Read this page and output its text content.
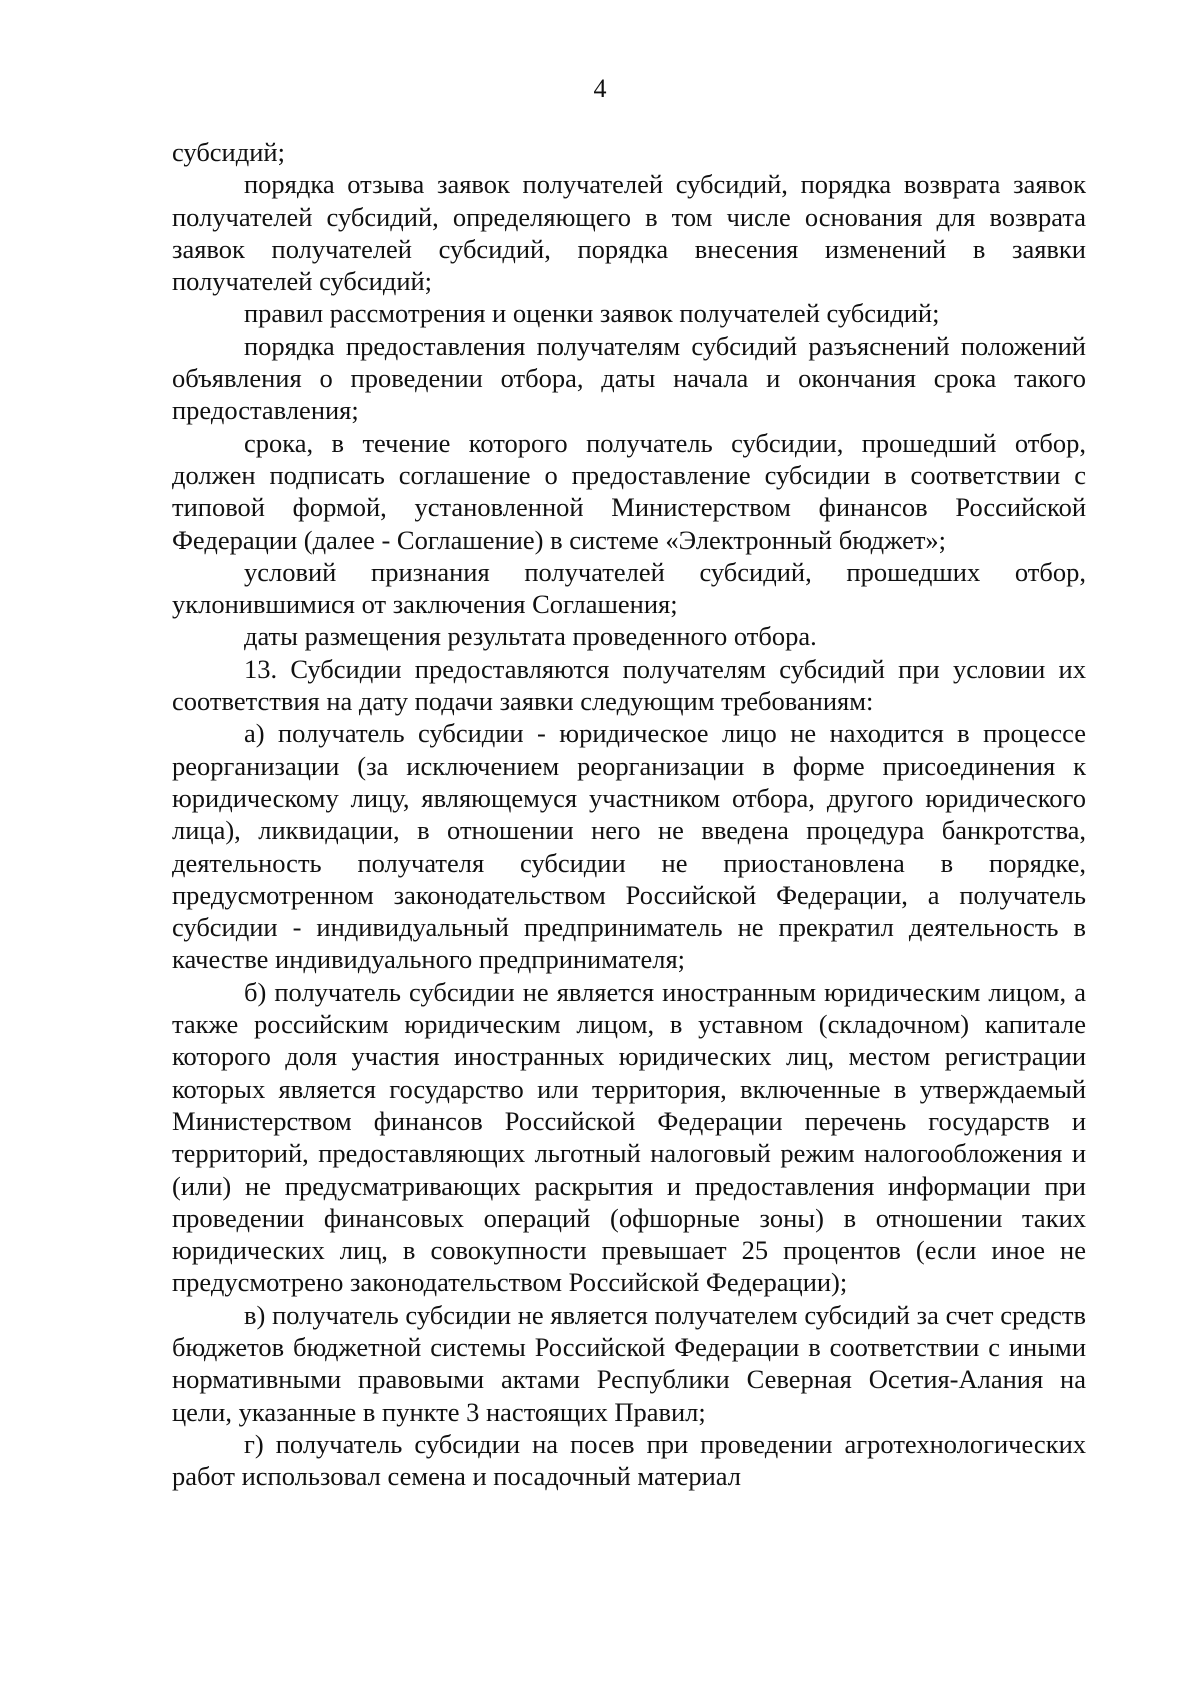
4

субсидий;

порядка отзыва заявок получателей субсидий, порядка возврата заявок получателей субсидий, определяющего в том числе основания для возврата заявок получателей субсидий, порядка внесения изменений в заявки получателей субсидий;

правил рассмотрения и оценки заявок получателей субсидий;

порядка предоставления получателям субсидий разъяснений положений объявления о проведении отбора, даты начала и окончания срока такого предоставления;

срока, в течение которого получатель субсидии, прошедший отбор, должен подписать соглашение о предоставление субсидии в соответствии с типовой формой, установленной Министерством финансов Российской Федерации (далее - Соглашение) в системе «Электронный бюджет»;

условий признания получателей субсидий, прошедших отбор, уклонившимися от заключения Соглашения;

даты размещения результата проведенного отбора.

13. Субсидии предоставляются получателям субсидий при условии их соответствия на дату подачи заявки следующим требованиям:

а) получатель субсидии - юридическое лицо не находится в процессе реорганизации (за исключением реорганизации в форме присоединения к юридическому лицу, являющемуся участником отбора, другого юридического лица), ликвидации, в отношении него не введена процедура банкротства, деятельность получателя субсидии не приостановлена в порядке, предусмотренном законодательством Российской Федерации, а получатель субсидии - индивидуальный предприниматель не прекратил деятельность в качестве индивидуального предпринимателя;

б) получатель субсидии не является иностранным юридическим лицом, а также российским юридическим лицом, в уставном (складочном) капитале которого доля участия иностранных юридических лиц, местом регистрации которых является государство или территория, включенные в утверждаемый Министерством финансов Российской Федерации перечень государств и территорий, предоставляющих льготный налоговый режим налогообложения и (или) не предусматривающих раскрытия и предоставления информации при проведении финансовых операций (офшорные зоны) в отношении таких юридических лиц, в совокупности превышает 25 процентов (если иное не предусмотрено законодательством Российской Федерации);

в) получатель субсидии не является получателем субсидий за счет средств бюджетов бюджетной системы Российской Федерации в соответствии с иными нормативными правовыми актами Республики Северная Осетия-Алания на цели, указанные в пункте 3 настоящих Правил;

г) получатель субсидии на посев при проведении агротехнологических работ использовал семена и посадочный материал
